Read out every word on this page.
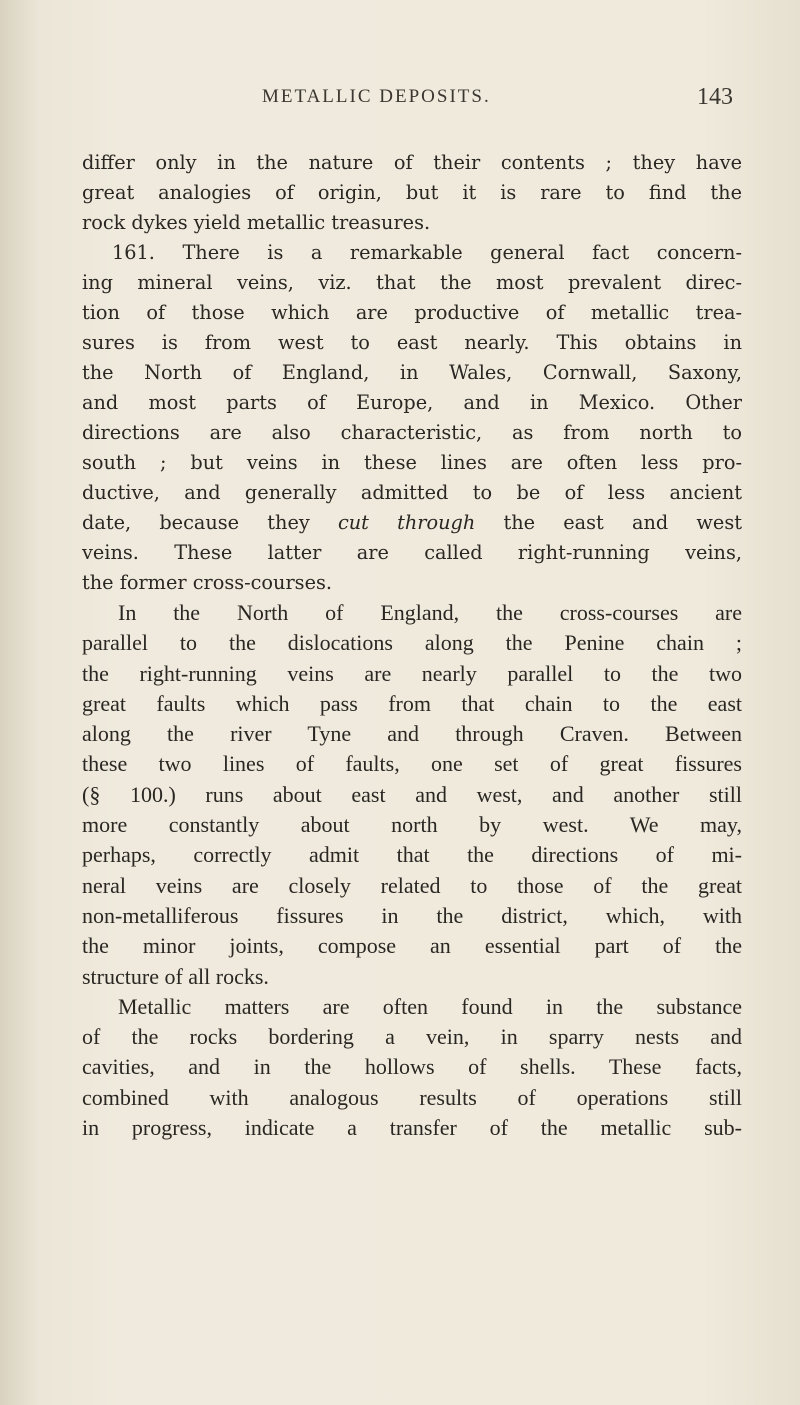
METALLIC DEPOSITS.	143
differ only in the nature of their contents ; they have
great analogies of origin, but it is rare to find the
rock dykes yield metallic treasures.
161. There is a remarkable general fact concern-
ing mineral veins, viz. that the most prevalent direc-
tion of those which are productive of metallic trea-
sures is from west to east nearly. This obtains in
the North of England, in Wales, Cornwall, Saxony,
and most parts of Europe, and in Mexico. Other
directions are also characteristic, as from north to
south ; but veins in these lines are often less pro-
ductive, and generally admitted to be of less ancient
date, because they cut through the east and west
veins. These latter are called right-running veins,
the former cross-courses.
In the North of England, the cross-courses are
parallel to the dislocations along the Penine chain ;
the right-running veins are nearly parallel to the two
great faults which pass from that chain to the east
along the river Tyne and through Craven. Between
these two lines of faults, one set of great fissures
(§ 100.) runs about east and west, and another still
more constantly about north by west. We may,
perhaps, correctly admit that the directions of mi-
neral veins are closely related to those of the great
non-metalliferous fissures in the district, which, with
the minor joints, compose an essential part of the
structure of all rocks.
Metallic matters are often found in the substance
of the rocks bordering a vein, in sparry nests and
cavities, and in the hollows of shells. These facts,
combined with analogous results of operations still
in progress, indicate a transfer of the metallic sub-
